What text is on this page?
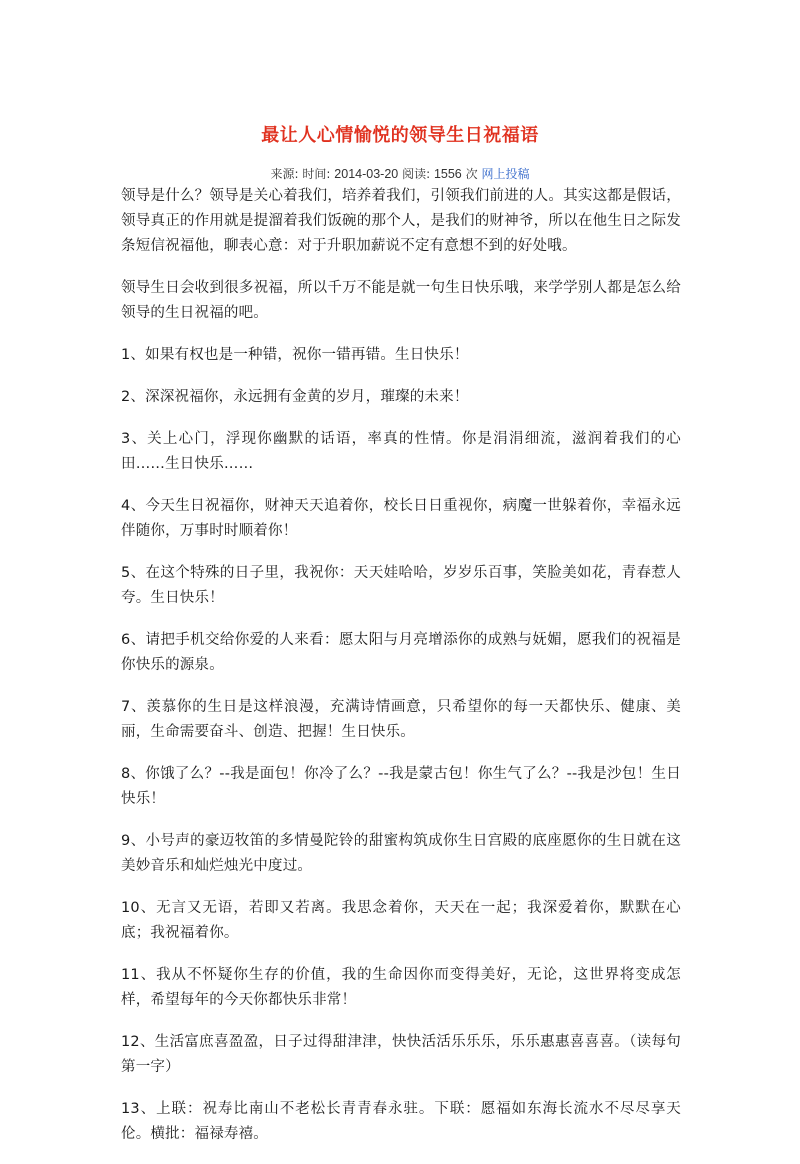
最让人心情愉悦的领导生日祝福语
来源: 时间: 2014-03-20 阅读: 1556 次 网上投稿

领导是什么？领导是关心着我们，培养着我们，引领我们前进的人。其实这都是假话，领导真正的作用就是提溜着我们饭碗的那个人，是我们的财神爷，所以在他生日之际发条短信祝福他，聊表心意：对于升职加薪说不定有意想不到的好处哦。

领导生日会收到很多祝福，所以千万不能是就一句生日快乐哦，来学学别人都是怎么给领导的生日祝福的吧。

1、如果有权也是一种错，祝你一错再错。生日快乐！

2、深深祝福你，永远拥有金黄的岁月，璀璨的未来！

3、关上心门，浮现你幽默的话语，率真的性情。你是涓涓细流，滋润着我们的心田……生日快乐……

4、今天生日祝福你，财神天天追着你，校长日日重视你，病魔一世躲着你，幸福永远伴随你，万事时时顺着你！

5、在这个特殊的日子里，我祝你：天天娃哈哈，岁岁乐百事，笑脸美如花，青春惹人夸。生日快乐！

6、请把手机交给你爱的人来看：愿太阳与月亮增添你的成熟与妩媚，愿我们的祝福是你快乐的源泉。

7、羡慕你的生日是这样浪漫，充满诗情画意，只希望你的每一天都快乐、健康、美丽，生命需要奋斗、创造、把握！生日快乐。

8、你饿了么？--我是面包！你冷了么？--我是蒙古包！你生气了么？--我是沙包！生日快乐！

9、小号声的豪迈牧笛的多情曼陀铃的甜蜜构筑成你生日宫殿的底座愿你的生日就在这美妙音乐和灿烂烛光中度过。

10、无言又无语，若即又若离。我思念着你，天天在一起；我深爱着你，默默在心底；我祝福着你。

11、我从不怀疑你生存的价值，我的生命因你而变得美好，无论，这世界将变成怎样，希望每年的今天你都快乐非常！

12、生活富庶喜盈盈，日子过得甜津津，快快活活乐乐乐，乐乐惠惠喜喜喜。（读每句第一字）

13、上联：祝寿比南山不老松长青青春永驻。下联：愿福如东海长流水不尽尽享天伦。横批：福禄寿禧。
